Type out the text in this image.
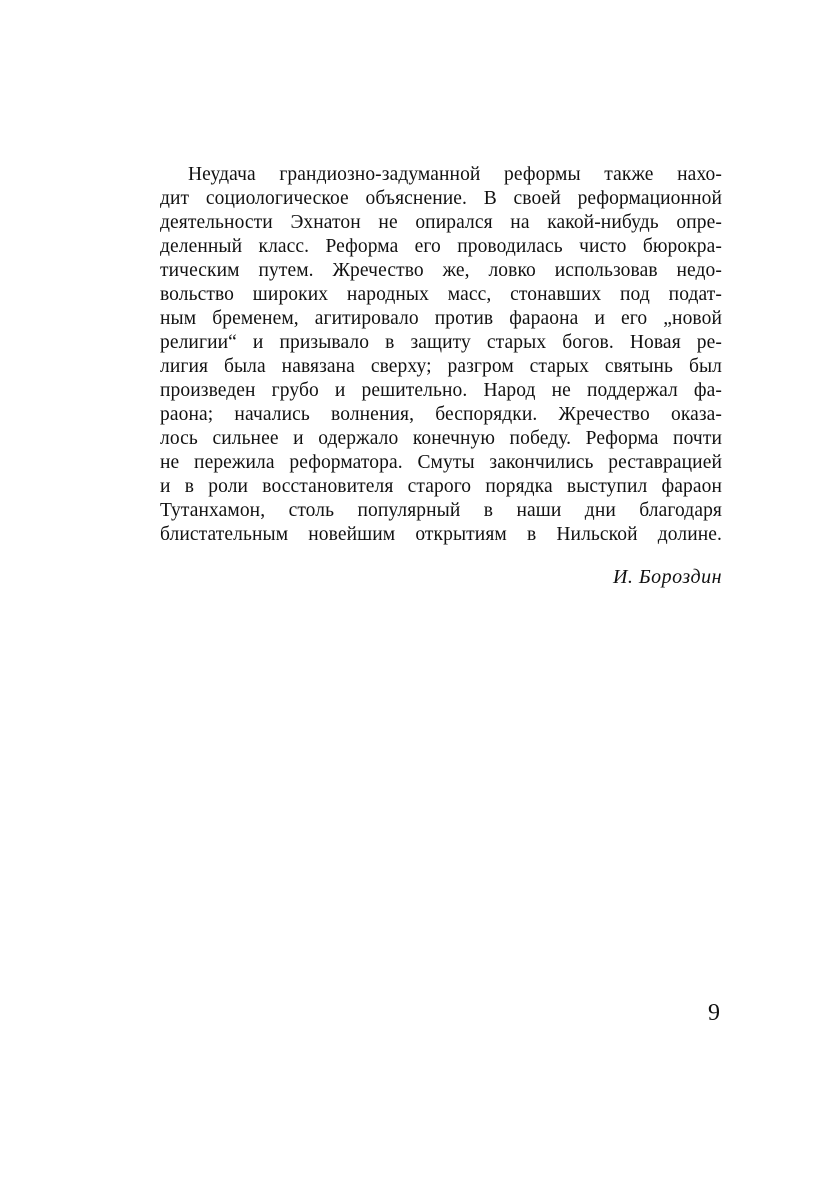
Неудача грандиозно-задуманной реформы также нахо-
дит социологическое объяснение. В своей реформационной
деятельности Эхнатон не опирался на какой-нибудь опре-
деленный класс. Реформа его проводилась чисто бюрокра-
тическим путем. Жречество же, ловко использовав недо-
вольство широких народных масс, стонавших под подат-
ным бременем, агитировало против фараона и его „новой
религии“ и призывало в защиту старых богов. Новая ре-
лигия была навязана сверху; разгром старых святынь был
произведен грубо и решительно. Народ не поддержал фа-
раона; начались волнения, беспорядки. Жречество оказа-
лось сильнее и одержало конечную победу. Реформа почти
не пережила реформатора. Смуты закончились реставрацией
и в роли восстановителя старого порядка выступил фараон
Тутанхамон, столь популярный в наши дни благодаря
блистательным новейшим открытиям в Нильской долине.
И. Бороздин
9
